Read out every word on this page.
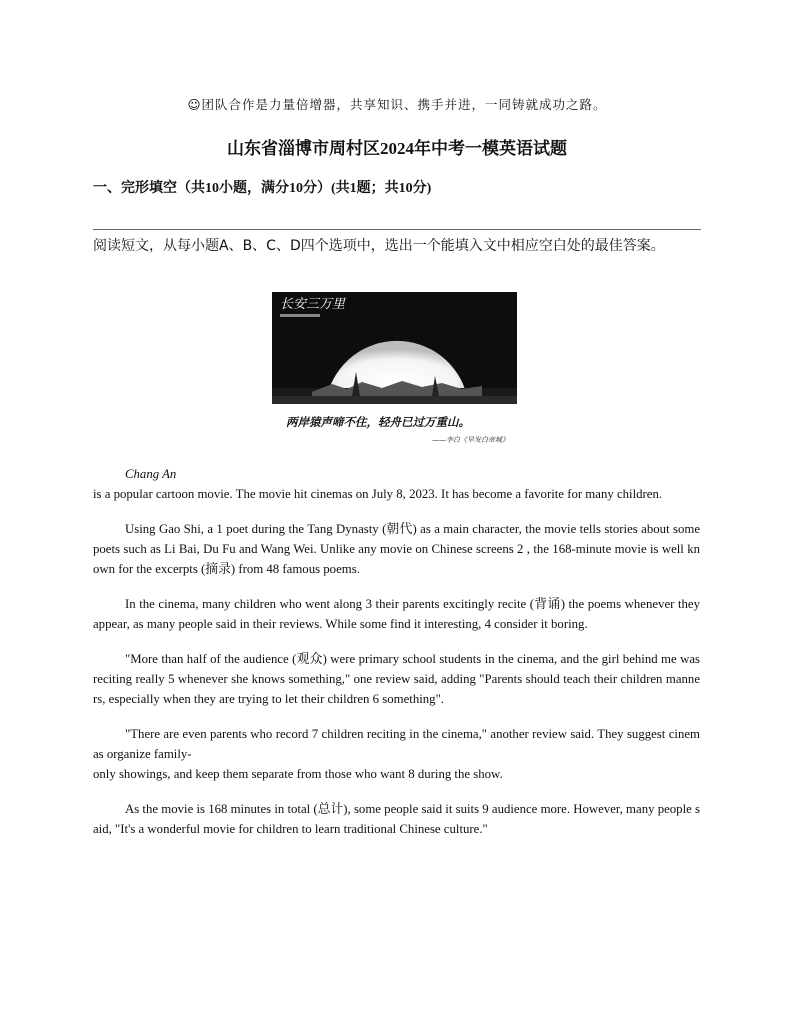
☺团队合作是力量倍增器，共享知识、携手并进，一同铸就成功之路。
山东省淄博市周村区2024年中考一模英语试题
一、完形填空（共10小题，满分10分）(共1题；共10分)
阅读短文，从每小题A、B、C、D四个选项中，选出一个能填入文中相应空白处的最佳答案。
长安三万里
两岸猿声啼不住，轻舟已过万重山。
——李白《早发白帝城》

Chang An

is a popular cartoon movie. The movie hit cinemas on July 8, 2023. It has become a favorite for many children.

Using Gao Shi, a 1 poet during the Tang Dynasty (朝代) as a main character, the movie tells stories about some poets such as Li Bai, Du Fu and Wang Wei. Unlike any movie on Chinese screens 2 , the 168-minute movie is well known for the excerpts (摘录) from 48 famous poems.

In the cinema, many children who went along 3 their parents excitingly recite (背诵) the poems whenever they appear, as many people said in their reviews. While some find it interesting, 4 consider it boring.

"More than half of the audience (观众) were primary school students in the cinema, and the girl behind me was reciting really 5 whenever she knows something," one review said, adding "Parents should teach their children manners, especially when they are trying to let their children 6 something".

"There are even parents who record 7 children reciting in the cinema," another review said. They suggest cinemas organize family-

only showings, and keep them separate from those who want 8 during the show.

As the movie is 168 minutes in total (总计), some people said it suits 9 audience more. However, many people said, "It's a wonderful movie for children to learn traditional Chinese culture."
